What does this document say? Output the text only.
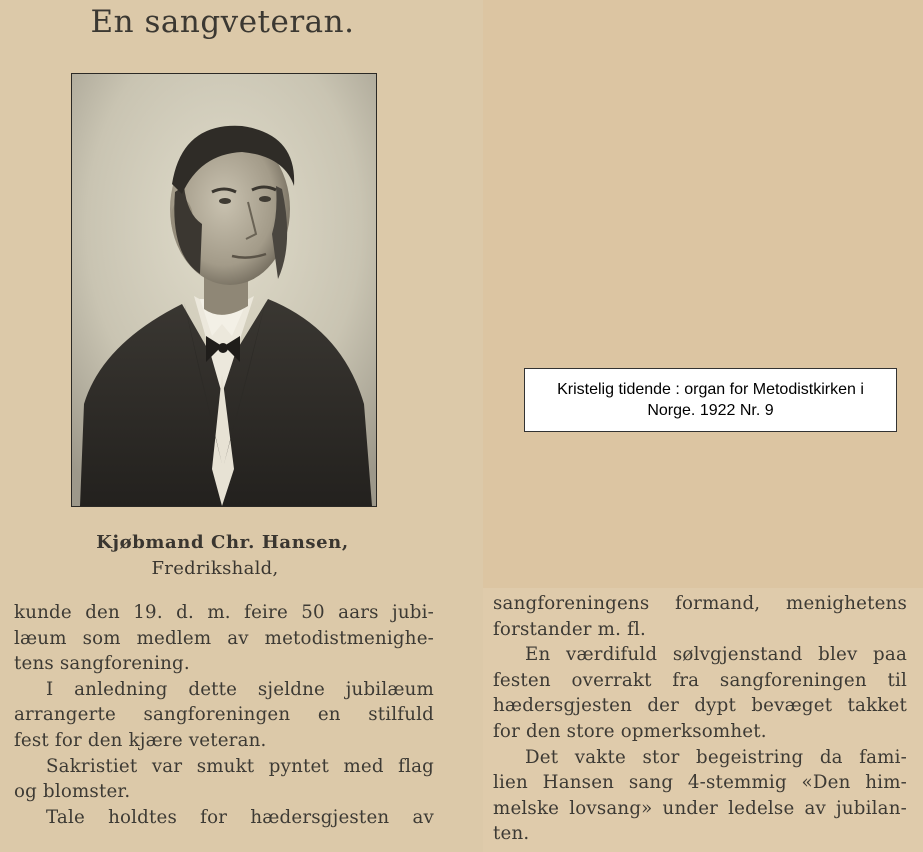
En sangveteran.
Kjøbmand Chr. Hansen,
Fredrikshald,
kunde den 19. d. m. feire 50 aars jubi-
læum som medlem av metodistmenighe-
tens sangforening.
I anledning dette sjeldne jubilæum
arrangerte sangforeningen en stilfuld
fest for den kjære veteran.
Sakristiet var smukt pyntet med flag
og blomster.
Tale holdtes for hædersgjesten av
sangforeningens formand, menighetens
forstander m. fl.
En værdifuld sølvgjenstand blev paa
festen overrakt fra sangforeningen til
hædersgjesten der dypt bevæget takket
for den store opmerksomhet.
Det vakte stor begeistring da fami-
lien Hansen sang 4-stemmig «Den him-
melske lovsang» under ledelse av jubilan-
ten.
Kristelig tidende : organ for Metodistkirken i Norge. 1922 Nr. 9
